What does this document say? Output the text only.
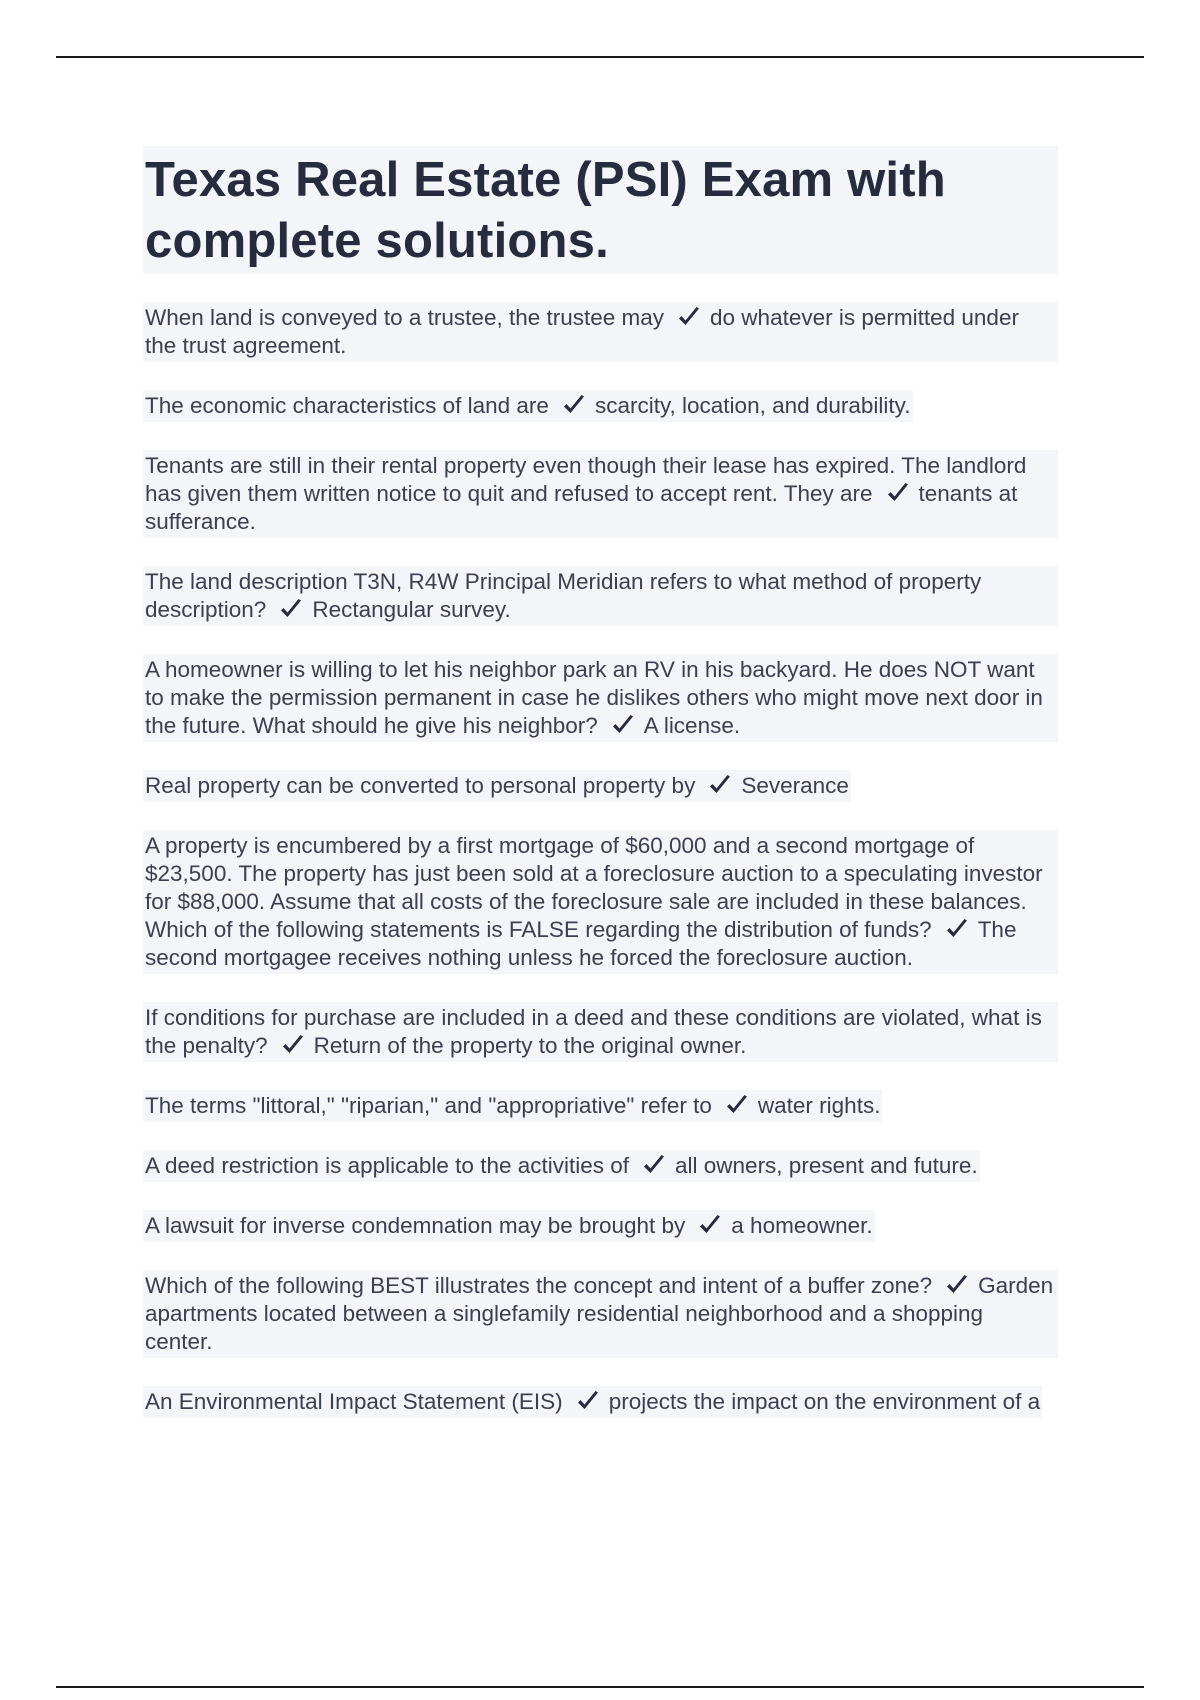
Texas Real Estate (PSI) Exam with complete solutions.

When land is conveyed to a trustee, the trustee may do whatever is permitted under the trust agreement.

The economic characteristics of land are scarcity, location, and durability.

Tenants are still in their rental property even though their lease has expired. The landlord has given them written notice to quit and refused to accept rent. They are tenants at sufferance.

The land description T3N, R4W Principal Meridian refers to what method of property description? Rectangular survey.

A homeowner is willing to let his neighbor park an RV in his backyard. He does NOT want to make the permission permanent in case he dislikes others who might move next door in the future. What should he give his neighbor? A license.

Real property can be converted to personal property by Severance

A property is encumbered by a first mortgage of $60,000 and a second mortgage of $23,500. The property has just been sold at a foreclosure auction to a speculating investor for $88,000. Assume that all costs of the foreclosure sale are included in these balances. Which of the following statements is FALSE regarding the distribution of funds? The second mortgagee receives nothing unless he forced the foreclosure auction.

If conditions for purchase are included in a deed and these conditions are violated, what is the penalty? Return of the property to the original owner.

The terms "littoral," "riparian," and "appropriative" refer to water rights.

A deed restriction is applicable to the activities of all owners, present and future.

A lawsuit for inverse condemnation may be brought by a homeowner.

Which of the following BEST illustrates the concept and intent of a buffer zone? Garden apartments located between a singlefamily residential neighborhood and a shopping center.

An Environmental Impact Statement (EIS) projects the impact on the environment of a
